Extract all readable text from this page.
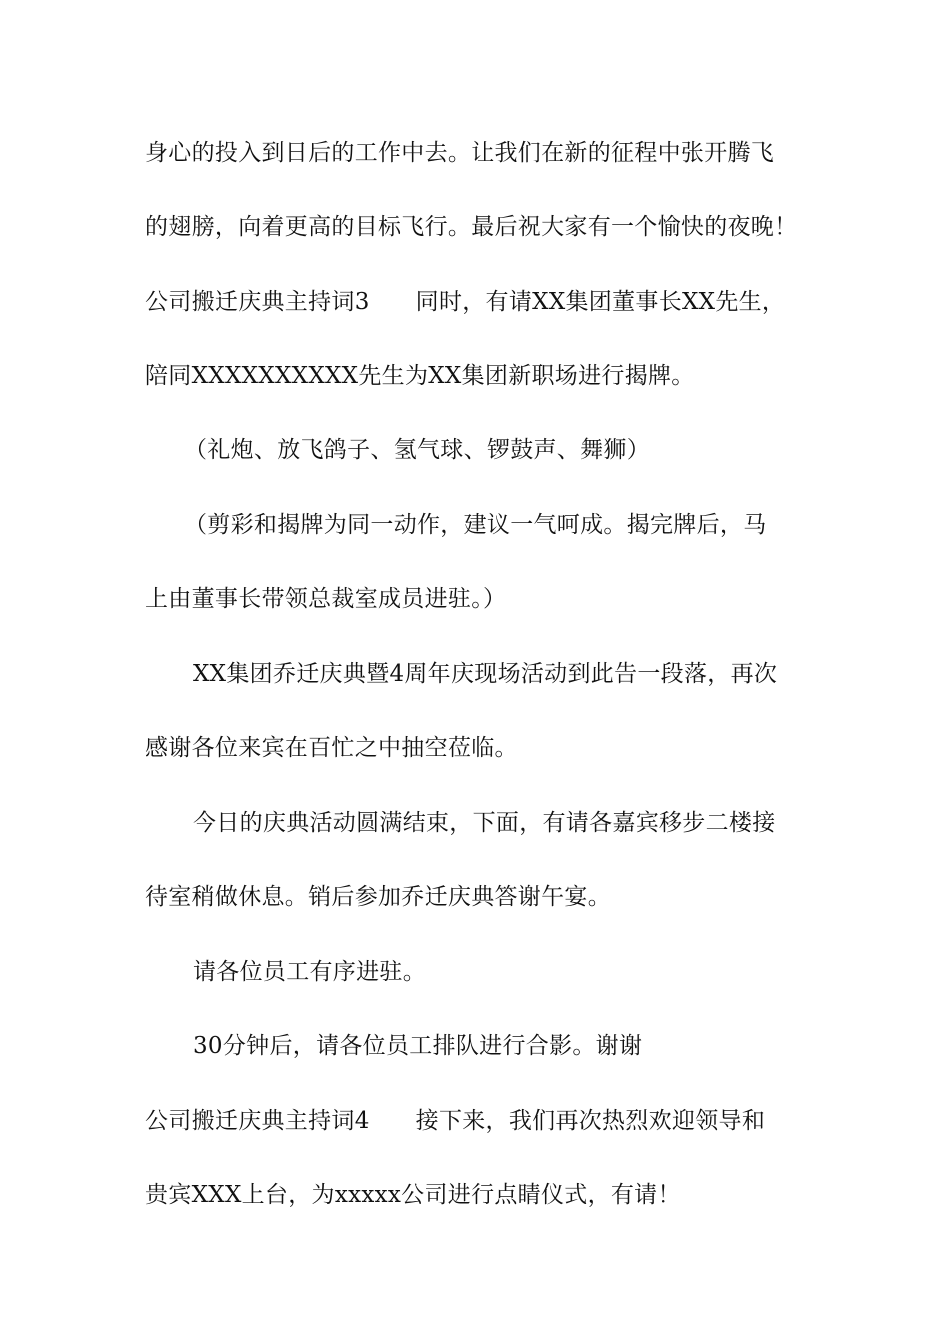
身心的投入到日后的工作中去。让我们在新的征程中张开腾飞
的翅膀，向着更高的目标飞行。最后祝大家有一个愉快的夜晚！
公司搬迁庆典主持词3 同时，有请XX集团董事长XX先生，
陪同XXXXXXXXXX先生为XX集团新职场进行揭牌。
（礼炮、放飞鸽子、氢气球、锣鼓声、舞狮）
（剪彩和揭牌为同一动作，建议一气呵成。揭完牌后，马
上由董事长带领总裁室成员进驻。）
XX集团乔迁庆典暨4周年庆现场活动到此告一段落，再次
感谢各位来宾在百忙之中抽空莅临。
今日的庆典活动圆满结束，下面，有请各嘉宾移步二楼接
待室稍做休息。销后参加乔迁庆典答谢午宴。
请各位员工有序进驻。
30分钟后，请各位员工排队进行合影。谢谢
公司搬迁庆典主持词4 接下来，我们再次热烈欢迎领导和
贵宾XXX上台，为xxxxx公司进行点睛仪式，有请！
